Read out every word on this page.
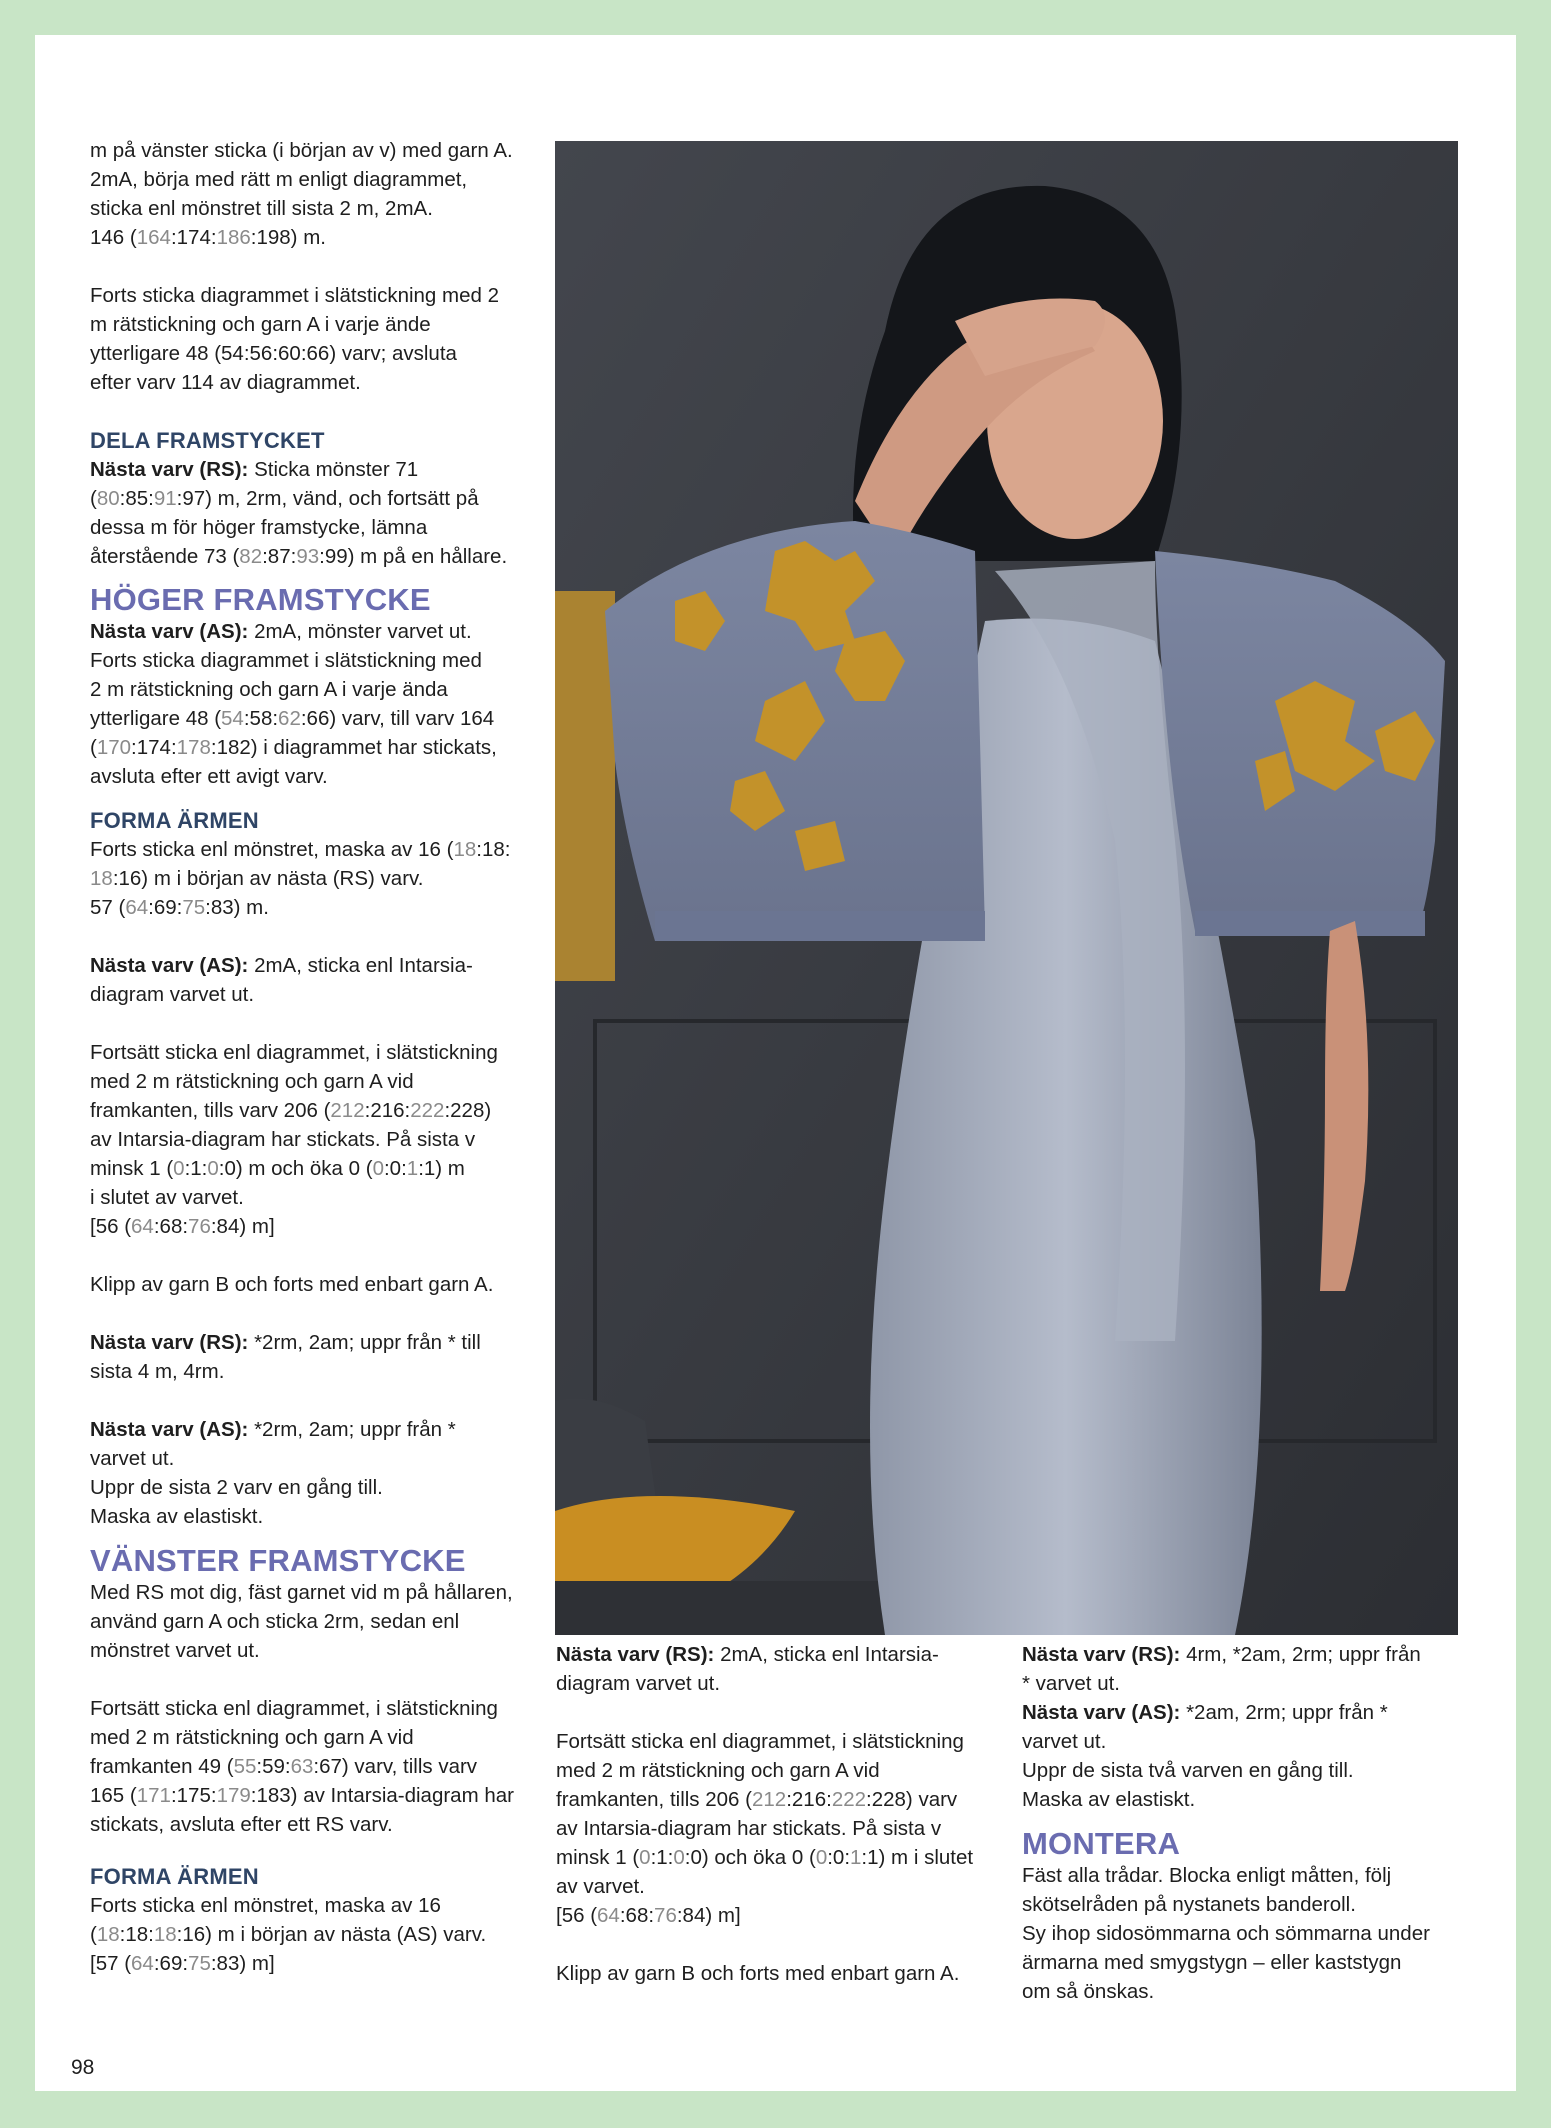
m på vänster sticka (i början av v) med garn A.
2mA, börja med rätt m enligt diagrammet,
sticka enl mönstret till sista 2 m, 2mA.
146 (164:174:186:198) m.

Forts sticka diagrammet i slätstickning med 2
m rätstickning och garn A i varje ände
ytterligare 48 (54:56:60:66) varv; avsluta
efter varv 114 av diagrammet.

DELA FRAMSTYCKET

Nästa varv (RS): Sticka mönster 71
(80:85:91:97) m, 2rm, vänd, och fortsätt på
dessa m för höger framstycke, lämna
återstående 73 (82:87:93:99) m på en hållare.

HÖGER FRAMSTYCKE

Nästa varv (AS): 2mA, mönster varvet ut.
Forts sticka diagrammet i slätstickning med
2 m rätstickning och garn A i varje ända
ytterligare 48 (54:58:62:66) varv, till varv 164
(170:174:178:182) i diagrammet har stickats,
avsluta efter ett avigt varv.

FORMA ÄRMEN

Forts sticka enl mönstret, maska av 16 (18:18:
18:16) m i början av nästa (RS) varv.
57 (64:69:75:83) m.

Nästa varv (AS): 2mA, sticka enl Intarsia-
diagram varvet ut.

Fortsätt sticka enl diagrammet, i slätstickning
med 2 m rätstickning och garn A vid
framkanten, tills varv 206 (212:216:222:228)
av Intarsia-diagram har stickats. På sista v
minsk 1 (0:1:0:0) m och öka 0 (0:0:1:1) m
i slutet av varvet.
[56 (64:68:76:84) m]

Klipp av garn B och forts med enbart garn A.

Nästa varv (RS): *2rm, 2am; uppr från * till
sista 4 m, 4rm.

Nästa varv (AS): *2rm, 2am; uppr från *
varvet ut.
Uppr de sista 2 varv en gång till.
Maska av elastiskt.

VÄNSTER FRAMSTYCKE

Med RS mot dig, fäst garnet vid m på hållaren,
använd garn A och sticka 2rm, sedan enl
mönstret varvet ut.

Fortsätt sticka enl diagrammet, i slätstickning
med 2 m rätstickning och garn A vid
framkanten 49 (55:59:63:67) varv, tills varv
165 (171:175:179:183) av Intarsia-diagram har
stickats, avsluta efter ett RS varv.

FORMA ÄRMEN

Forts sticka enl mönstret, maska av 16
(18:18:18:16) m i början av nästa (AS) varv.
[57 (64:69:75:83) m]

Nästa varv (RS): 2mA, sticka enl Intarsia-
diagram varvet ut.

Fortsätt sticka enl diagrammet, i slätstickning
med 2 m rätstickning och garn A vid
framkanten, tills 206 (212:216:222:228) varv
av Intarsia-diagram har stickats. På sista v
minsk 1 (0:1:0:0) och öka 0 (0:0:1:1) m i slutet
av varvet.
[56 (64:68:76:84) m]

Klipp av garn B och forts med enbart garn A.

Nästa varv (RS): 4rm, *2am, 2rm; uppr från
* varvet ut.

Nästa varv (AS): *2am, 2rm; uppr från *
varvet ut.
Uppr de sista två varven en gång till.
Maska av elastiskt.

MONTERA

Fäst alla trådar. Blocka enligt måtten, följ
skötselråden på nystanets banderoll.
Sy ihop sidosömmarna och sömmarna under
ärmarna med smygstygn – eller kaststygn
om så önskas.

98
